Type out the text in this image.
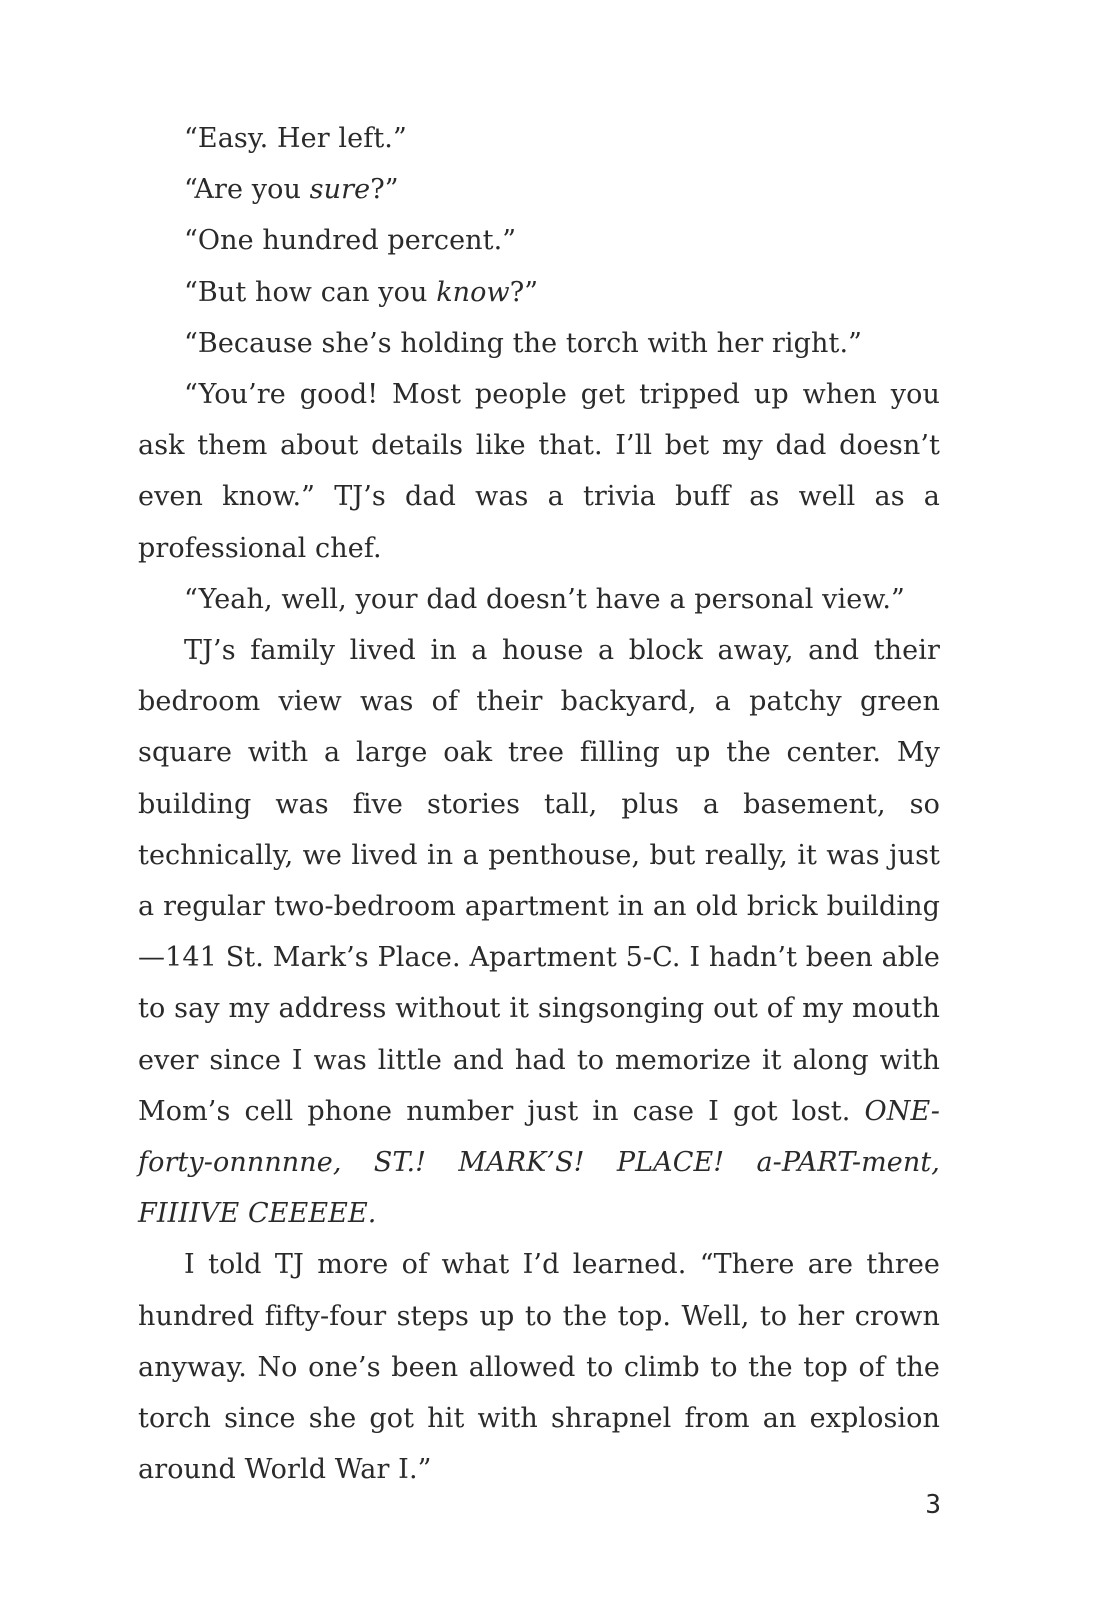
“Easy. Her left.”

“Are you sure?”

“One hundred percent.”

“But how can you know?”

“Because she’s holding the torch with her right.”

“You’re good! Most people get tripped up when you ask them about details like that. I’ll bet my dad doesn’t even know.” TJ’s dad was a trivia buff as well as a professional chef.

“Yeah, well, your dad doesn’t have a personal view.”

TJ’s family lived in a house a block away, and their bedroom view was of their backyard, a patchy green square with a large oak tree filling up the center. My building was five stories tall, plus a basement, so technically, we lived in a penthouse, but really, it was just a regular two-bedroom apartment in an old brick building—141 St. Mark’s Place. Apartment 5-C. I hadn’t been able to say my address without it singsonging out of my mouth ever since I was little and had to memorize it along with Mom’s cell phone number just in case I got lost. ONE-forty-onnnnne, ST.! MARK’S! PLACE! a-PART-ment, FIIIIVE CEEEEE.

I told TJ more of what I’d learned. “There are three hundred fifty-four steps up to the top. Well, to her crown anyway. No one’s been allowed to climb to the top of the torch since she got hit with shrapnel from an explosion around World War I.”

3
